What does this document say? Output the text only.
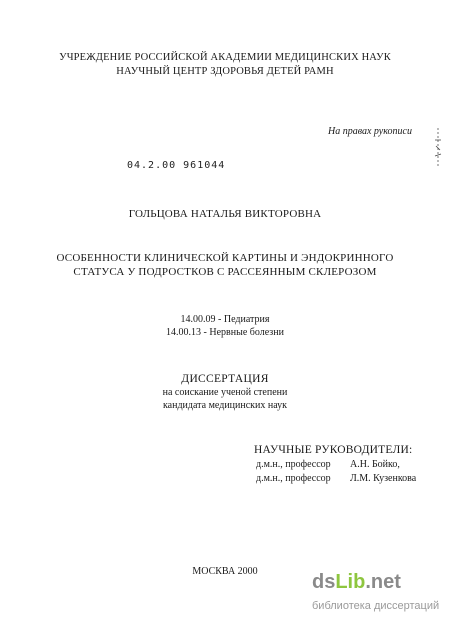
УЧРЕЖДЕНИЕ РОССИЙСКОЙ АКАДЕМИИ МЕДИЦИНСКИХ НАУК
НАУЧНЫЙ ЦЕНТР ЗДОРОВЬЯ ДЕТЕЙ РАМН
На правах рукописи
04.2.00 961044
ГОЛЬЦОВА НАТАЛЬЯ ВИКТОРОВНА
ОСОБЕННОСТИ КЛИНИЧЕСКОЙ КАРТИНЫ И ЭНДОКРИННОГО
СТАТУСА У ПОДРОСТКОВ С РАССЕЯННЫМ СКЛЕРОЗОМ
14.00.09 - Педиатрия
14.00.13 - Нервные болезни
ДИССЕРТАЦИЯ
на соискание ученой степени
кандидата медицинских наук
НАУЧНЫЕ РУКОВОДИТЕЛИ:
д.м.н., профессор А.Н. Бойко,
д.м.н., профессор Л.М. Кузенкова
МОСКВА 2000	ds Lib .net
библиотека диссертаций
